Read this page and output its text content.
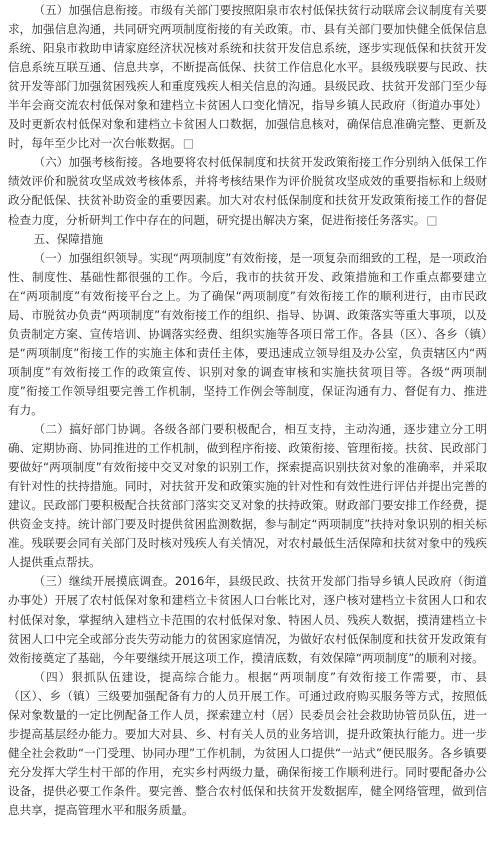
（五）加强信息衔接。市级有关部门要按照阳泉市农村低保扶贫行动联席会议制度有关要求，加强信息沟通，共同研究两项制度衔接的有关政策。市、县有关部门要加快健全低保信息系统、阳泉市救助申请家庭经济状况核对系统和扶贫开发信息系统，逐步实现低保和扶贫开发信息系统互联互通、信息共享，不断提高低保、扶贫工作信息化水平。县级残联要与民政、扶贫开发等部门加强贫困残疾人和重度残疾人相关信息的沟通。县级民政、扶贫开发部门至少每半年会商交流农村低保对象和建档立卡贫困人口变化情况，指导乡镇人民政府（街道办事处）及时更新农村低保对象和建档立卡贫困人口数据，加强信息核对，确保信息准确完整、更新及时，每年至少比对一次台帐数据。□

（六）加强考核衔接。各地要将农村低保制度和扶贫开发政策衔接工作分别纳入低保工作绩效评价和脱贫攻坚成效考核体系，并将考核结果作为评价脱贫攻坚成效的重要指标和上级财政分配低保、扶贫补助资金的重要因素。加大对农村低保制度和扶贫开发政策衔接工作的督促检查力度，分析研判工作中存在的问题，研究提出解决方案，促进衔接任务落实。□

五、保障措施

（一）加强组织领导。实现“两项制度”有效衔接，是一项复杂而细致的工程，是一项政治性、制度性、基础性都很强的工作。今后，我市的扶贫开发、政策措施和工作重点都要建立在“两项制度”有效衔接平台之上。为了确保“两项制度”有效衔接工作的顺利进行，由市民政局、市脱贫办负责“两项制度”有效衔接工作的组织、指导、协调、政策落实等重大事项，以及负责制定方案、宣传培训、协调落实经费、组织实施等各项日常工作。各县（区）、各乡（镇）是“两项制度”衔接工作的实施主体和责任主体，要迅速成立领导组及办公室，负责辖区内“两项制度”有效衔接工作的政策宣传、识别对象的调查审核和实施扶贫项目等。各级“两项制度”衔接工作领导组要完善工作机制，坚持工作例会等制度，保证沟通有力、督促有力、推进有力。

（二）搞好部门协调。各级各部门要积极配合，相互支持，主动沟通，逐步建立分工明确、定期协商、协同推进的工作机制，做到程序衔接、政策衔接、管理衔接。扶贫、民政部门要做好“两项制度”有效衔接中交叉对象的识别工作，探索提高识别扶贫对象的准确率，并采取有针对性的扶持措施。同时，对扶贫开发和政策实施的针对性和有效性进行评估并提出完善的建议。民政部门要积极配合扶贫部门落实交叉对象的扶持政策。财政部门要安排工作经费，提供资金支持。统计部门要及时提供贫困监测数据，参与制定“两项制度”扶持对象识别的相关标准。残联要会同有关部门及时核对残疾人有关情况，对农村最低生活保障和扶贫对象中的残疾人提供重点帮扶。

（三）继续开展摸底调查。2016年，县级民政、扶贫开发部门指导乡镇人民政府（街道办事处）开展了农村低保对象和建档立卡贫困人口台帐比对，逐户核对建档立卡贫困人口和农村低保对象，掌握纳入建档立卡范围的农村低保对象、特困人员、残疾人数据，摸清建档立卡贫困人口中完全或部分丧失劳动能力的贫困家庭情况，为做好农村低保制度和扶贫开发政策有效衔接奠定了基础，今年要继续开展这项工作，摸清底数，有效保障“两项制度”的顺利对接。

（四）狠抓队伍建设，提高综合能力。根据“两项制度”有效衔接工作需要，市、县（区）、乡（镇）三级要加强配备有力的人员开展工作。可通过政府购买服务等方式，按照低保对象数量的一定比例配备工作人员，探索建立村（居）民委员会社会救助协管员队伍，进一步提高基层经办能力。要加大对县、乡、村有关人员的业务培训，提升政策执行能力。进一步健全社会救助“一门受理、协同办理”工作机制，为贫困人口提供“一站式”便民服务。各乡镇要充分发挥大学生村干部的作用，充实乡村两级力量，确保衔接工作顺利进行。同时要配备办公设备，提供必要工作条件。要完善、整合农村低保和扶贫开发数据库，健全网络管理，做到信息共享，提高管理水平和服务质量。
